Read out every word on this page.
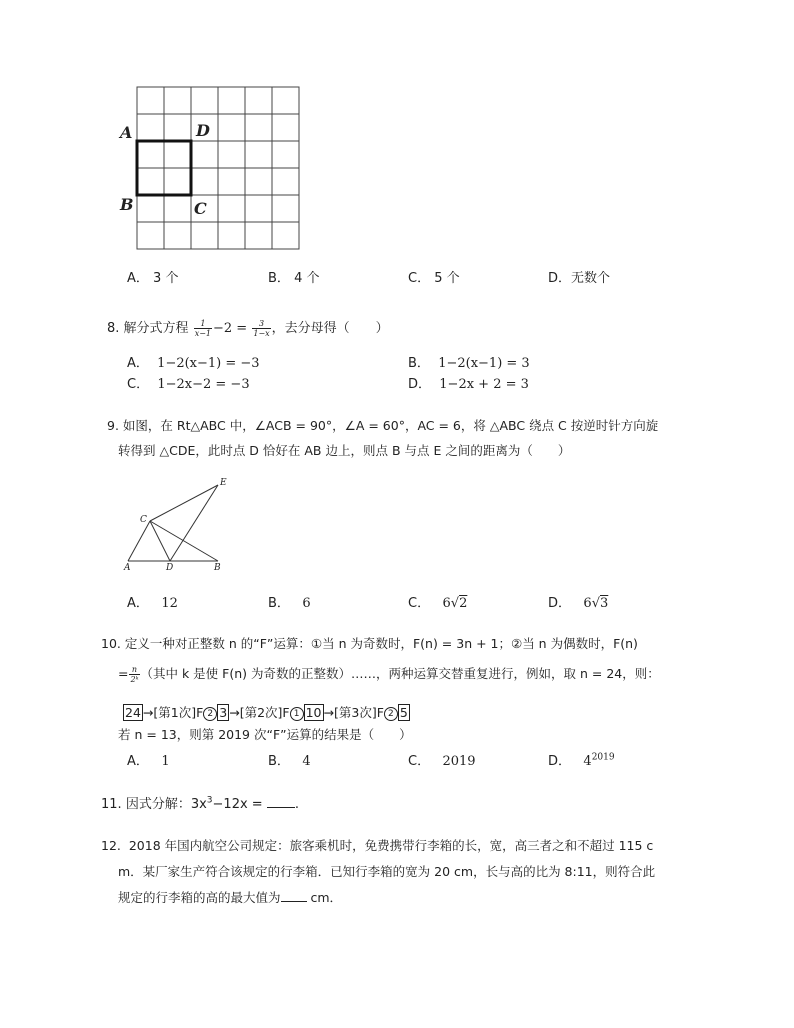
A	D
B	C
A． 3 个	B． 4 个	C． 5 个	D．无数个
8. 解分式方程 $\frac{1}{x-1} -2 = \frac{3}{1-x}$ ，去分母得（　　）
A． 1−2(x−1) = −3	B． 1−2(x−1) = 3
C． 1−2x−2 = −3	D． 1−2x + 2 = 3
9. 如图，在 Rt△ABC 中，∠ACB = 90°，∠A = 60°，AC = 6，将 △ABC 绕点 C 按逆时针方向旋
转得到 △CDE，此时点 D 恰好在 AB 边上，则点 B 与点 E 之间的距离为（　　）
E
C
A	D	B
A． 12	B． 6	C． 6√2	D． 6√3
10. 定义一种对正整数 n 的“F”运算：①当 n 为奇数时，F(n) = 3n + 1；②当 n 为偶数时，F(n)
= $\frac{n}{\text{2ᵏ}}$ （其中 k 是使 F(n) 为奇数的正整数）……，两种运算交替重复进行，例如，取 n = 24，则：
24 →[第1次]F 2 3 →[第2次]F 1 10 →[第3次]F 2 5
若 n = 13，则第 2019 次“F”运算的结果是（　　）
A． 1	B． 4	C． 2019	D． $4^{2019}$
11. 因式分解：$3x^3-12x$ = .
12. 2018 年国内航空公司规定：旅客乘机时，免费携带行李箱的长，宽，高三者之和不超过 115 c
m．某厂家生产符合该规定的行李箱．已知行李箱的宽为 20 cm，长与高的比为 8:11，则符合此
规定的行李箱的高的最大值为 cm．
